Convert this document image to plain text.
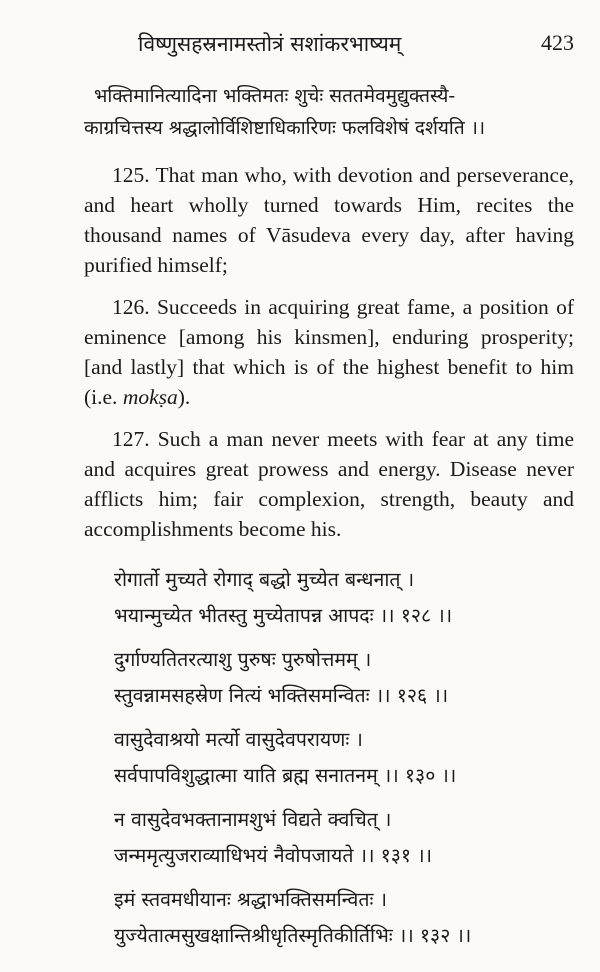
विष्णुसहस्रनामस्तोत्रं सशांकरभाष्यम्	423
भक्तिमानित्यादिना भक्तिमतः शुचेः सततमेवमुद्युक्तस्यै-
काग्रचित्तस्य श्रद्धालोर्विशिष्टाधिकारिणः फलविशेषं दर्शयति ।।

125. That man who, with devotion and perseverance, and heart wholly turned towards Him, recites the thousand names of Vāsudeva every day, after having purified himself;

126. Succeeds in acquiring great fame, a position of eminence [among his kinsmen], enduring prosperity; [and lastly] that which is of the highest benefit to him (i.e. mokṣa).

127. Such a man never meets with fear at any time and acquires great prowess and energy. Disease never afflicts him; fair complexion, strength, beauty and accomplishments become his.

रोगार्तो मुच्यते रोगाद् बद्धो मुच्येत बन्धनात् ।
भयान्मुच्येत भीतस्तु मुच्येतापन्न आपदः ।। १२८ ।।
दुर्गाण्यतितरत्याशु पुरुषः पुरुषोत्तमम् ।
स्तुवन्नामसहस्रेण नित्यं भक्तिसमन्वितः ।। १२६ ।।
वासुदेवाश्रयो मर्त्यो वासुदेवपरायणः ।
सर्वपापविशुद्धात्मा याति ब्रह्म सनातनम् ।। १३० ।।
न वासुदेवभक्तानामशुभं विद्यते क्वचित् ।
जन्ममृत्युजराव्याधिभयं नैवोपजायते ।। १३१ ।।
इमं स्तवमधीयानः श्रद्धाभक्तिसमन्वितः ।
युज्येतात्मसुखक्षान्तिश्रीधृतिस्मृतिकीर्तिभिः ।। १३२ ।।
